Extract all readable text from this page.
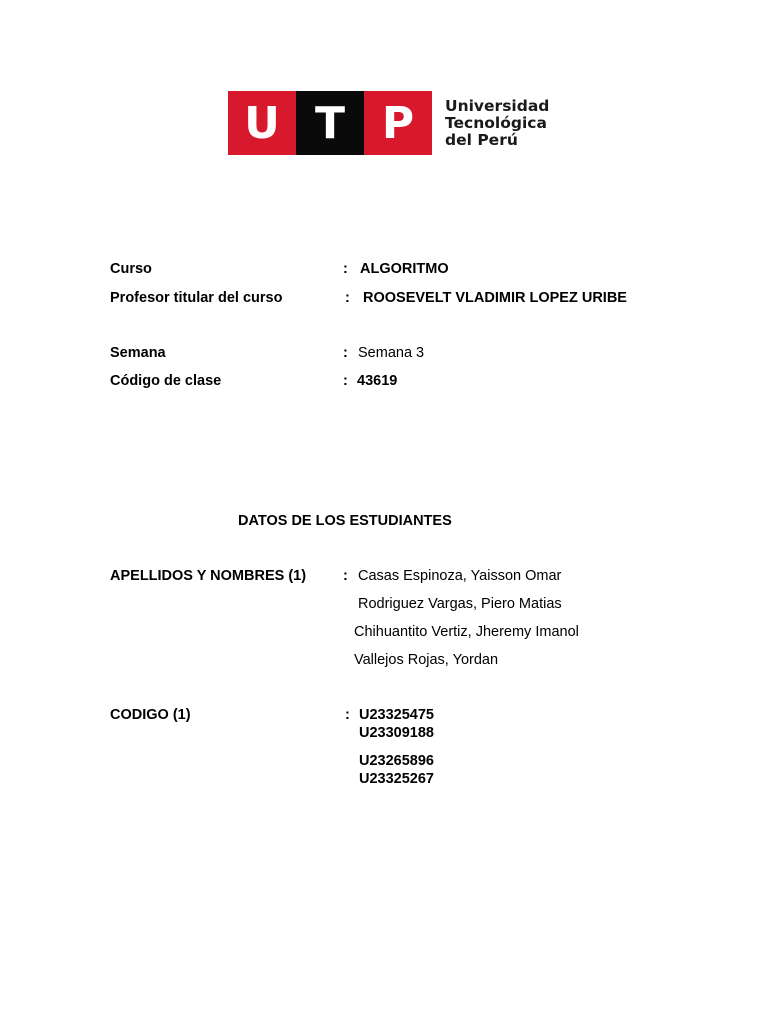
U T P	Universidad
Tecnológica
del Perú
Curso	: ALGORITMO
Profesor titular del curso	: ROOSEVELT VLADIMIR LOPEZ URIBE
Semana	: Semana 3
Código de clase	: 43619
DATOS DE LOS ESTUDIANTES
APELLIDOS Y NOMBRES (1)	: Casas Espinoza, Yaisson Omar
Rodriguez Vargas, Piero Matias
Chihuantito Vertiz, Jheremy Imanol
Vallejos Rojas, Yordan
CODIGO (1)	: U23325475
U23309188
U23265896
U23325267
